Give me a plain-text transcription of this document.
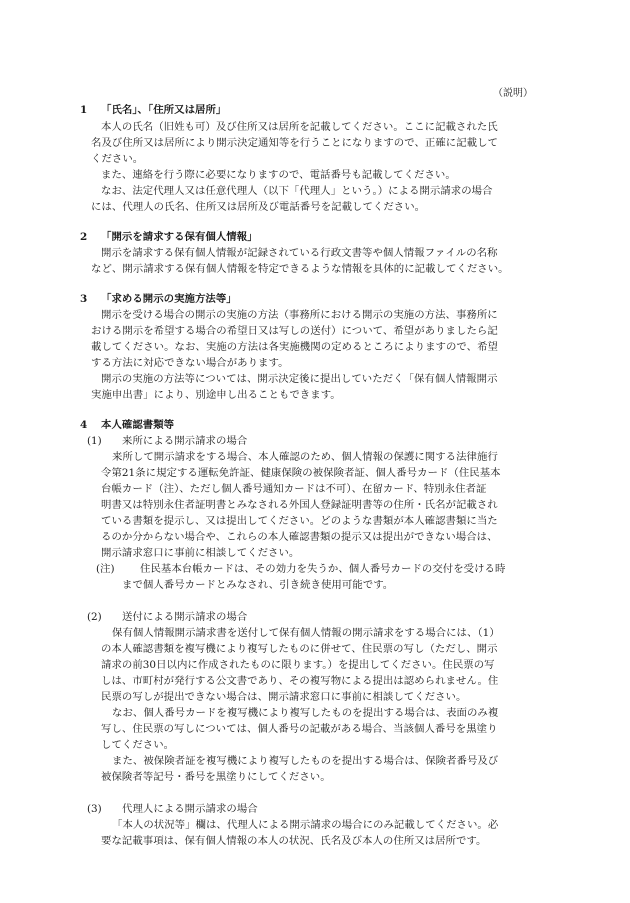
（説明）
1 「氏名」、「住所又は居所」
本人の氏名（旧姓も可）及び住所又は居所を記載してください。ここに記載された氏
名及び住所又は居所により開示決定通知等を行うことになりますので、正確に記載して
ください。
また、連絡を行う際に必要になりますので、電話番号も記載してください。
なお、法定代理人又は任意代理人（以下「代理人」という。）による開示請求の場合
には、代理人の氏名、住所又は居所及び電話番号を記載してください。
2 「開示を請求する保有個人情報」
開示を請求する保有個人情報が記録されている行政文書等や個人情報ファイルの名称
など、開示請求する保有個人情報を特定できるような情報を具体的に記載してください。
3 「求める開示の実施方法等」
開示を受ける場合の開示の実施の方法（事務所における開示の実施の方法、事務所に
おける開示を希望する場合の希望日又は写しの送付）について、希望がありましたら記
載してください。なお、実施の方法は各実施機関の定めるところによりますので、希望
する方法に対応できない場合があります。
開示の実施の方法等については、開示決定後に提出していただく「保有個人情報開示
実施申出書」により、別途申し出ることもできます。
4 本人確認書類等
(1) 来所による開示請求の場合
来所して開示請求をする場合、本人確認のため、個人情報の保護に関する法律施行
令第21条に規定する運転免許証、健康保険の被保険者証、個人番号カード（住民基本
台帳カード（注）、ただし個人番号通知カードは不可）、在留カード、特別永住者証
明書又は特別永住者証明書とみなされる外国人登録証明書等の住所・氏名が記載され
ている書類を提示し、又は提出してください。どのような書類が本人確認書類に当た
るのか分からない場合や、これらの本人確認書類の提示又は提出ができない場合は、
開示請求窓口に事前に相談してください。
(注) 住民基本台帳カードは、その効力を失うか、個人番号カードの交付を受ける時
まで個人番号カードとみなされ、引き続き使用可能です。
(2) 送付による開示請求の場合
保有個人情報開示請求書を送付して保有個人情報の開示請求をする場合には、（1）
の本人確認書類を複写機により複写したものに併せて、住民票の写し（ただし、開示
請求の前30日以内に作成されたものに限ります。）を提出してください。住民票の写
しは、市町村が発行する公文書であり、その複写物による提出は認められません。住
民票の写しが提出できない場合は、開示請求窓口に事前に相談してください。
なお、個人番号カードを複写機により複写したものを提出する場合は、表面のみ複
写し、住民票の写しについては、個人番号の記載がある場合、当該個人番号を黒塗り
してください。
また、被保険者証を複写機により複写したものを提出する場合は、保険者番号及び
被保険者等記号・番号を黒塗りにしてください。
(3) 代理人による開示請求の場合
「本人の状況等」欄は、代理人による開示請求の場合にのみ記載してください。必
要な記載事項は、保有個人情報の本人の状況、氏名及び本人の住所又は居所です。
